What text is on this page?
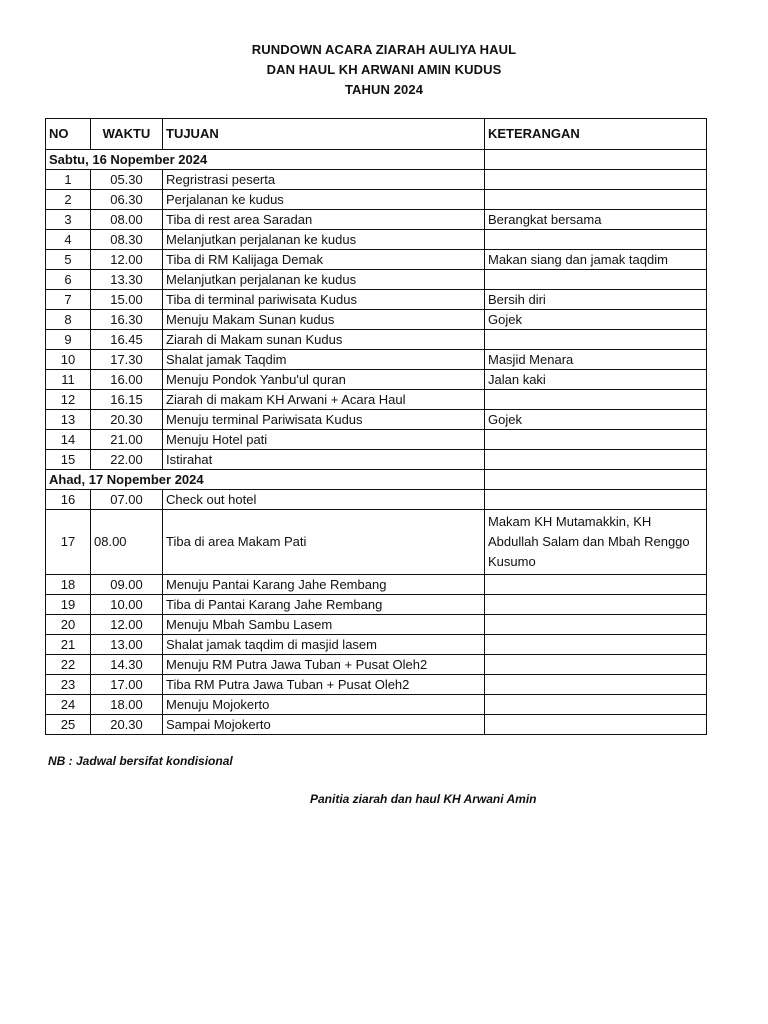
RUNDOWN ACARA ZIARAH AULIYA HAUL
DAN HAUL KH ARWANI AMIN KUDUS
TAHUN 2024
NO	WAKTU	TUJUAN	KETERANGAN
Sabtu, 16 Nopember 2024			
1	05.30	Regristrasi peserta	
2	06.30	Perjalanan ke kudus	
3	08.00	Tiba di rest area Saradan	Berangkat bersama
4	08.30	Melanjutkan perjalanan ke kudus	
5	12.00	Tiba di RM Kalijaga Demak	Makan siang dan jamak taqdim
6	13.30	Melanjutkan perjalanan ke kudus	
7	15.00	Tiba di terminal pariwisata Kudus	Bersih diri
8	16.30	Menuju Makam Sunan kudus	Gojek
9	16.45	Ziarah di Makam sunan Kudus	
10	17.30	Shalat jamak Taqdim	Masjid Menara
11	16.00	Menuju Pondok Yanbu'ul quran	Jalan kaki
12	16.15	Ziarah di makam KH Arwani + Acara Haul	
13	20.30	Menuju terminal Pariwisata Kudus	Gojek
14	21.00	Menuju Hotel pati	
15	22.00	Istirahat	
Ahad, 17 Nopember 2024			
16	07.00	Check out hotel	
17	08.00	Tiba di area Makam Pati	Makam KH Mutamakkin, KH Abdullah Salam dan Mbah Renggo Kusumo
18	09.00	Menuju Pantai Karang Jahe Rembang	
19	10.00	Tiba di Pantai Karang Jahe Rembang	
20	12.00	Menuju Mbah Sambu Lasem	
21	13.00	Shalat jamak taqdim di masjid lasem	
22	14.30	Menuju RM Putra Jawa Tuban + Pusat Oleh2	
23	17.00	Tiba RM Putra Jawa Tuban + Pusat Oleh2	
24	18.00	Menuju Mojokerto	
25	20.30	Sampai Mojokerto	
NB : Jadwal bersifat kondisional
Panitia ziarah dan haul KH Arwani Amin
